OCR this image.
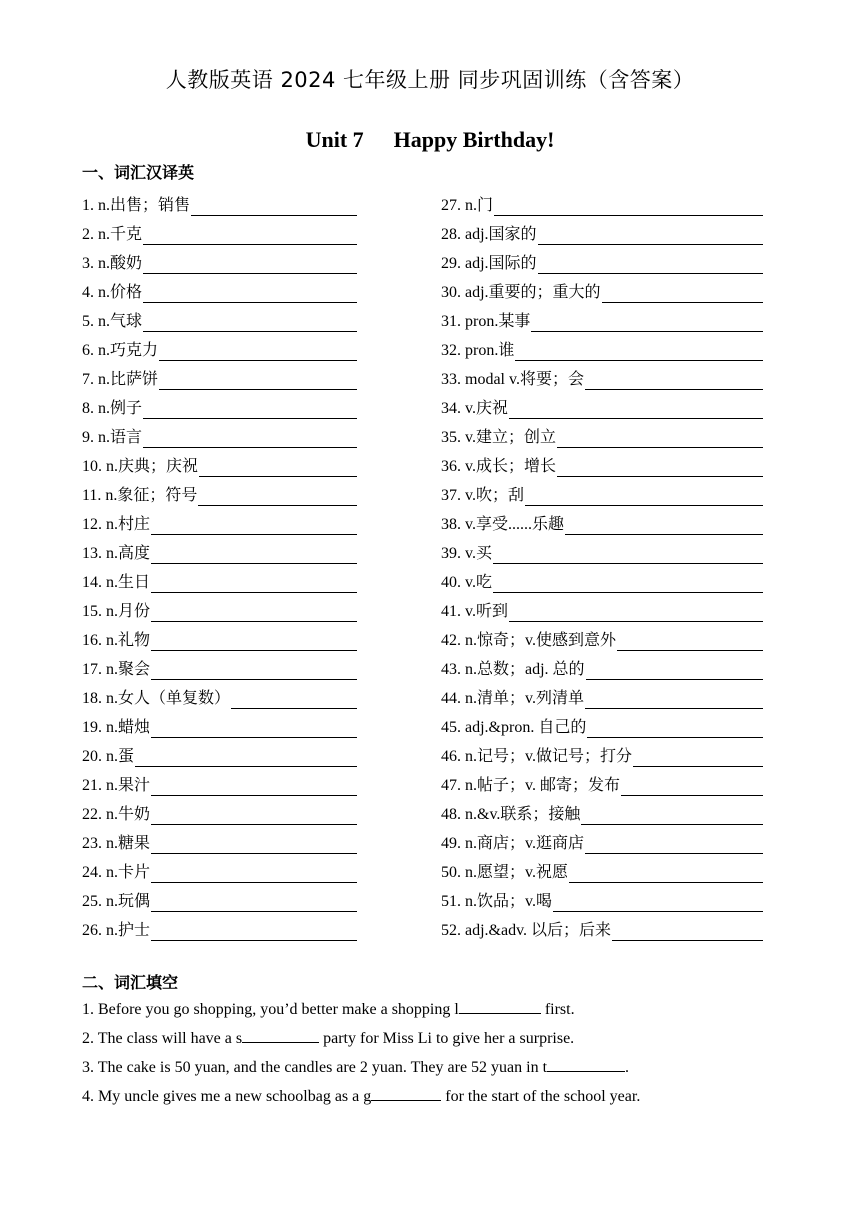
人教版英语 2024 七年级上册 同步巩固训练（含答案）
Unit 7 Happy Birthday!
一、词汇汉译英
1. n.出售；销售
2. n.千克
3. n.酸奶
4. n.价格
5. n.气球
6. n.巧克力
7. n.比萨饼
8. n.例子
9. n.语言
10. n.庆典；庆祝
11. n.象征；符号
12. n.村庄
13. n.高度
14. n.生日
15. n.月份
16. n.礼物
17. n.聚会
18. n.女人（单复数）
19. n.蜡烛
20. n.蛋
21. n.果汁
22. n.牛奶
23. n.糖果
24. n.卡片
25. n.玩偶
26. n.护士
27. n.门
28. adj.国家的
29. adj.国际的
30. adj.重要的；重大的
31. pron.某事
32. pron.谁
33. modal v.将要；会
34. v.庆祝
35. v.建立；创立
36. v.成长；增长
37. v.吹；刮
38. v.享受......乐趣
39. v.买
40. v.吃
41. v.听到
42. n.惊奇；v.使感到意外
43. n.总数；adj. 总的
44. n.清单；v.列清单
45. adj.&pron. 自己的
46. n.记号；v.做记号；打分
47. n.帖子；v. 邮寄；发布
48. n.&v.联系；接触
49. n.商店；v.逛商店
50. n.愿望；v.祝愿
51. n.饮品；v.喝
52. adj.&adv. 以后；后来
二、词汇填空
1. Before you go shopping, you’d better make a shopping l	first.
2. The class will have a s	party for Miss Li to give her a surprise.
3. The cake is 50 yuan, and the candles are 2 yuan. They are 52 yuan in t	.
4. My uncle gives me a new schoolbag as a g	for the start of the school year.
